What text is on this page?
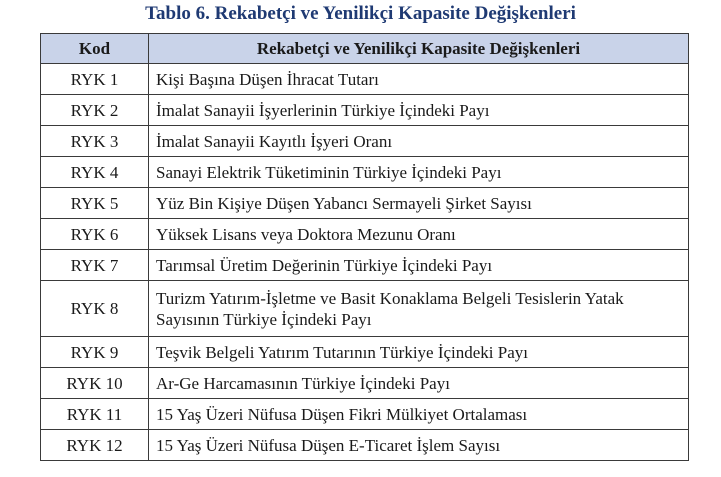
Tablo 6. Rekabetçi ve Yenilikçi Kapasite Değişkenleri
Kod	Rekabetçi ve Yenilikçi Kapasite Değişkenleri
RYK 1	Kişi Başına Düşen İhracat Tutarı
RYK 2	İmalat Sanayii İşyerlerinin Türkiye İçindeki Payı
RYK 3	İmalat Sanayii Kayıtlı İşyeri Oranı
RYK 4	Sanayi Elektrik Tüketiminin Türkiye İçindeki Payı
RYK 5	Yüz Bin Kişiye Düşen Yabancı Sermayeli Şirket Sayısı
RYK 6	Yüksek Lisans veya Doktora Mezunu Oranı
RYK 7	Tarımsal Üretim Değerinin Türkiye İçindeki Payı
RYK 8	Turizm Yatırım-İşletme ve Basit Konaklama Belgeli Tesislerin Yatak Sayısının Türkiye İçindeki Payı
RYK 9	Teşvik Belgeli Yatırım Tutarının Türkiye İçindeki Payı
RYK 10	Ar-Ge Harcamasının Türkiye İçindeki Payı
RYK 11	15 Yaş Üzeri Nüfusa Düşen Fikri Mülkiyet Ortalaması
RYK 12	15 Yaş Üzeri Nüfusa Düşen E-Ticaret İşlem Sayısı
